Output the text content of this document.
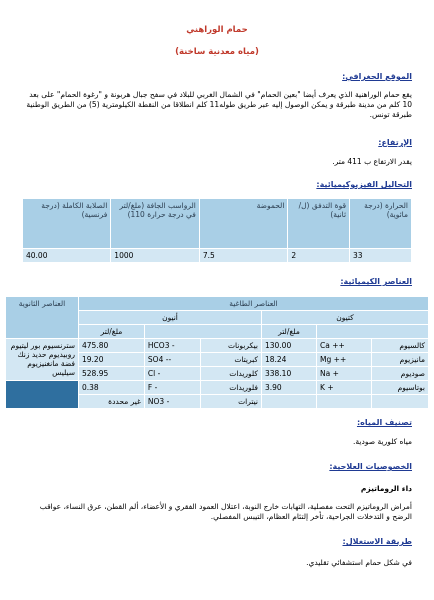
حمام الوراهني
(مياه معدنية ساخنة)
الموقع الجغرافي:
يقع حمام الوراهنية الذي يعرف أيضا "بعين الحمام" في الشمال الغربي للبلاد في سفح جبال هربونة و "رغوة الحمام" على بعد 10 كلم من مدينة طبرقة و يمكن الوصول إليه عبر طريق طوله11 كلم انطلاقا من النقطة الكيلومترية (5) من الطريق الوطنية طبرقة تونس.
الإرتفاع:
يقدر الارتفاع ب 411 متر.
التحاليل الفيزيوكيميائية:
الحرارة (درجة مائوية)	قوة التدفق (ل/ثانية)	الحموضة	الرواسب الجافة (ملغ/لتر في درجة حرارة 110)	الصلابة الكاملة (درجة فرنسية)
33	2	7.5	1000	40.00
العناصر الكيميائية:
العناصر الطاغية						العناصر الثانوية
كتيون			أنيون			
		ملغ/لتر			ملغ/لتر	
كالسيوم	Ca ++	130.00	بيكربونات	HCO3 -	475.80	سترنسيوم بور ليتيوم روبيديوم حديد زنك فضة مانغنيزيوم سيليس
مانيزيوم	Mg ++	18.24	كبريتات	SO4 --	19.20	
صوديوم	Na +	338.10	كلوريدات	Cl -	528.95	
بوتاسيوم	K +	3.90	فلوريدات	F -	0.38	
			نيترات	NO3 -	غير محددة	
تصنيف المياه:
مياه كلورية صودية.
الخصوصيات العلاجية:
داء الروماتيزم
أمراض الروماتيزم التحت مفصلية، التهابات خارج النوبة، اعتلال العمود الفقري و الأعضاء، ألم القطن، عرق النساء، عواقب الرضح و التدخلات الجراحية، تأخر إلتئام العظام، التيبس المفصلي.
طريقة الاستغلال:
في شكل حمام استشفائي تقليدي.
